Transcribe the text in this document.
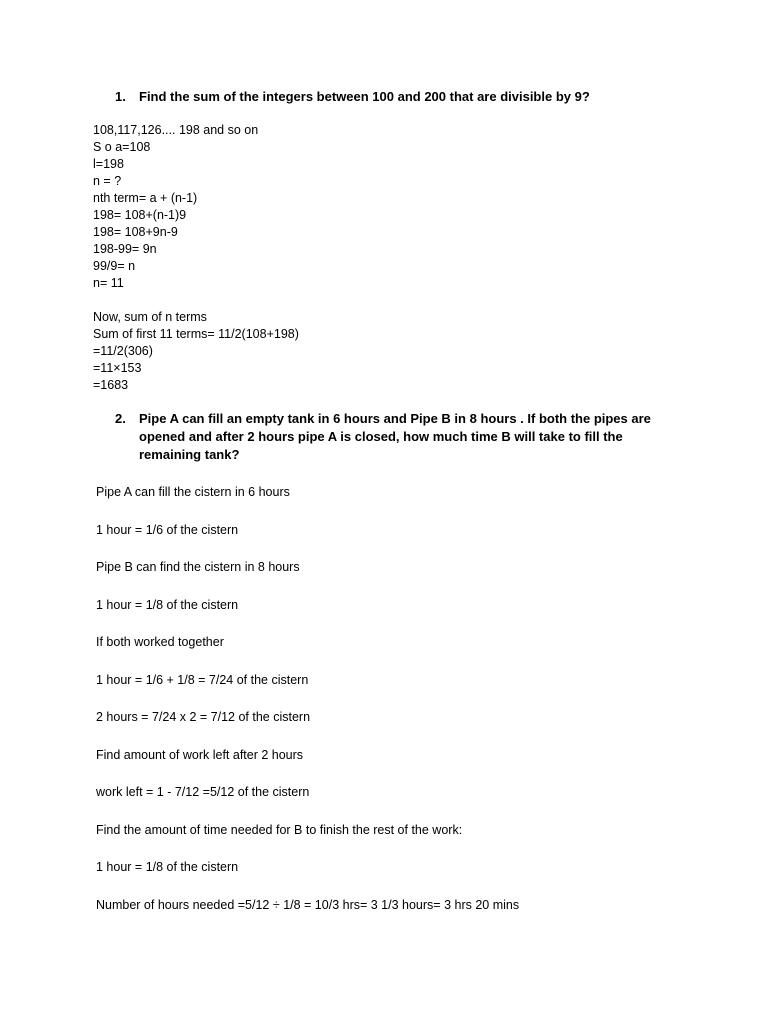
1.	Find the sum of the integers between 100 and 200 that are divisible by 9?
108,117,126.... 198 and so on
S o a=108
l=198
n = ?
nth term= a + (n-1)
198= 108+(n-1)9
198= 108+9n-9
198-99= 9n
99/9= n
n= 11
Now, sum of n terms
Sum of first 11 terms= 11/2(108+198)
=11/2(306)
=11×153
=1683
2.	Pipe A can fill an empty tank in 6 hours and Pipe B in 8 hours . If both the pipes are opened and after 2 hours pipe A is closed, how much time B will take to fill the remaining tank?
Pipe A can fill the cistern in 6 hours
1 hour = 1/6 of the cistern
Pipe B can find the cistern in 8 hours
1 hour = 1/8 of the cistern
If both worked together
1 hour = 1/6 + 1/8 = 7/24 of the cistern
2 hours = 7/24 x 2 = 7/12 of the cistern
Find amount of work left after 2 hours
work left = 1 - 7/12 =5/12 of the cistern
Find the amount of time needed for B to finish the rest of the work:
1 hour = 1/8 of the cistern
Number of hours needed =5/12 ÷ 1/8 = 10/3 hrs= 3 1/3 hours= 3 hrs 20 mins
